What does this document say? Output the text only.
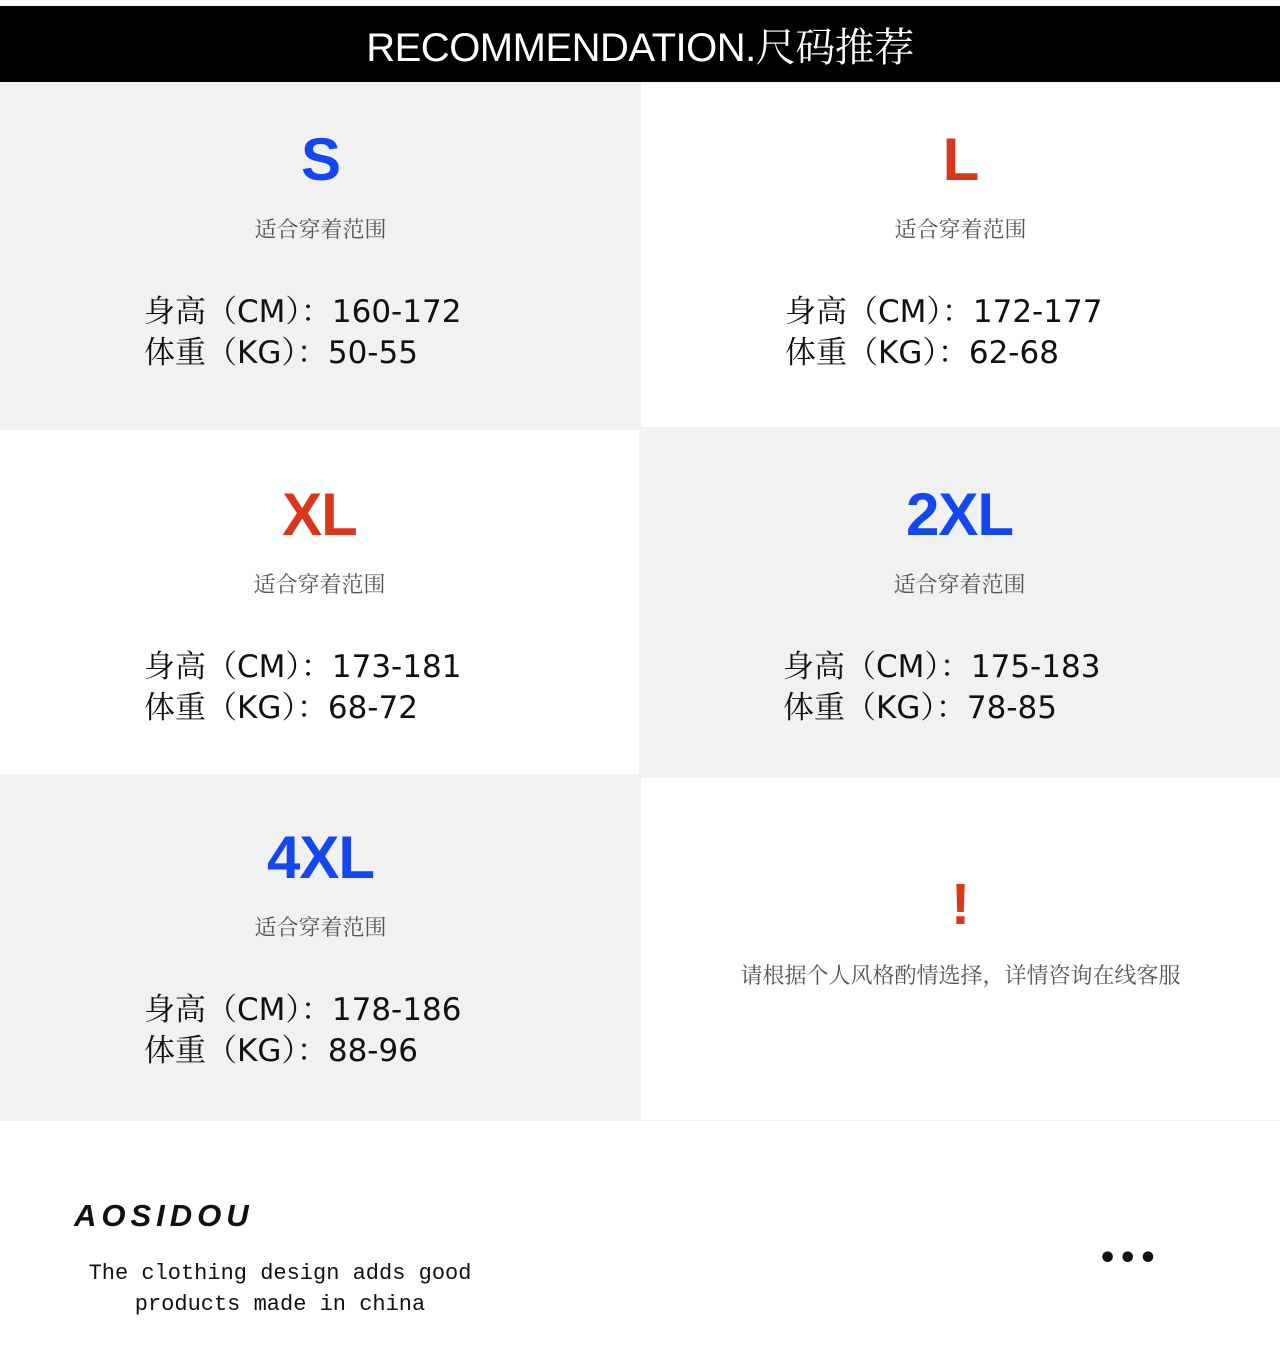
RECOMMENDATION.尺码推荐
S
适合穿着范围
身高（CM）：160-172
体重（KG）：50-55
L
适合穿着范围
身高（CM）：172-177
体重（KG）：62-68
XL
适合穿着范围
身高（CM）：173-181
体重（KG）：68-72
2XL
适合穿着范围
身高（CM）：175-183
体重（KG）：78-85
4XL
适合穿着范围
身高（CM）：178-186
体重（KG）：88-96
!
请根据个人风格酌情选择，详情咨询在线客服
AOSIDOU
The clothing design adds good
products made in china
•••
